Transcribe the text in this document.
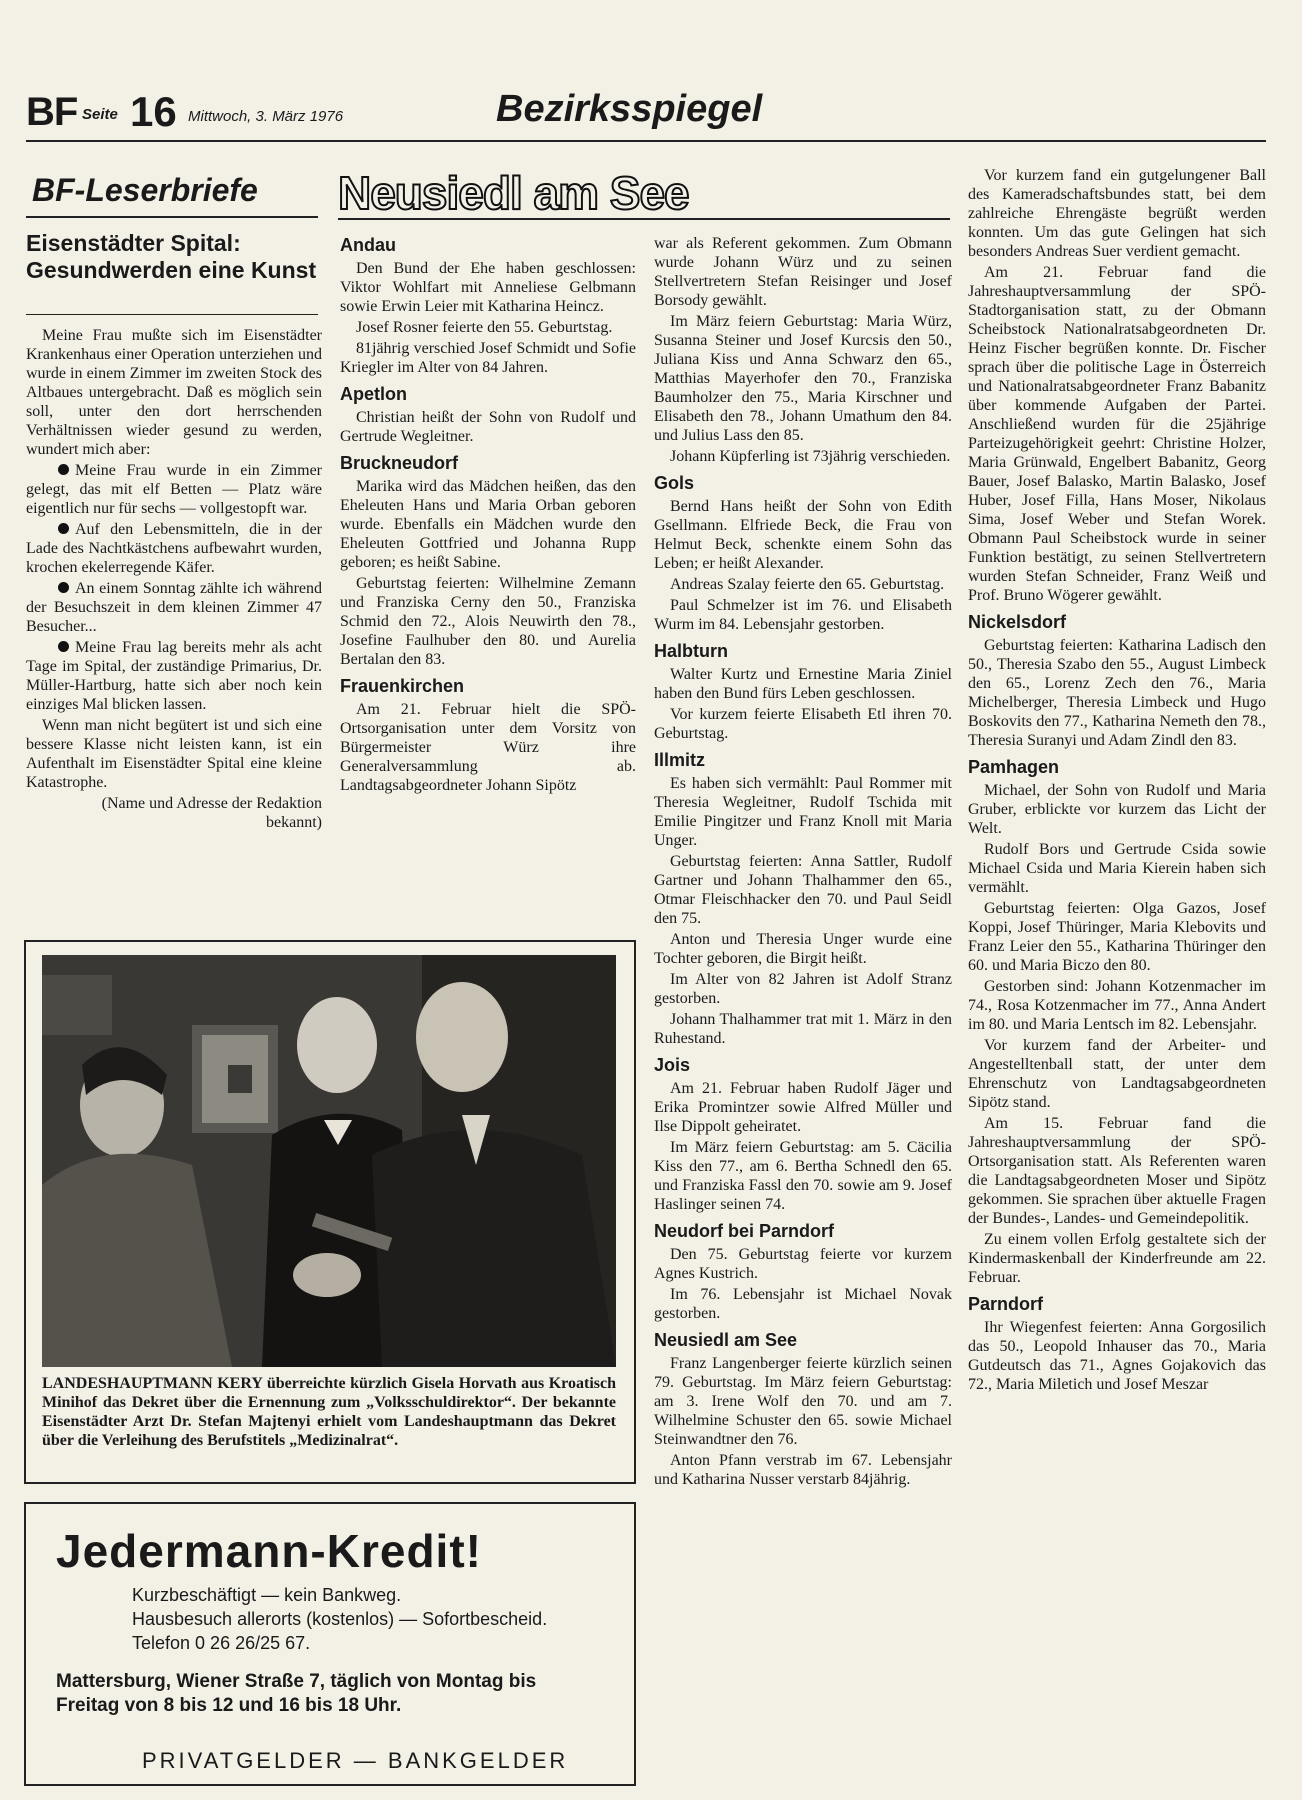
BF Seite 16 Mittwoch, 3. März 1976	Bezirksspiegel
BF-Leserbriefe
Eisenstädter Spital: Gesundwerden eine Kunst

Meine Frau mußte sich im Eisenstädter Krankenhaus einer Operation unterziehen und wurde in einem Zimmer im zweiten Stock des Altbaues untergebracht. Daß es möglich sein soll, unter den dort herrschenden Verhältnissen wieder gesund zu werden, wundert mich aber:

Meine Frau wurde in ein Zimmer gelegt, das mit elf Betten — Platz wäre eigentlich nur für sechs — vollgestopft war.

Auf den Lebensmitteln, die in der Lade des Nachtkästchens aufbewahrt wurden, krochen ekelerregende Käfer.

An einem Sonntag zählte ich während der Besuchszeit in dem kleinen Zimmer 47 Besucher...

Meine Frau lag bereits mehr als acht Tage im Spital, der zuständige Primarius, Dr. Müller-Hartburg, hatte sich aber noch kein einziges Mal blicken lassen.

Wenn man nicht begütert ist und sich eine bessere Klasse nicht leisten kann, ist ein Aufenthalt im Eisenstädter Spital eine kleine Katastrophe.

(Name und Adresse der Redaktion bekannt)

Neusiedl am See
Andau

Den Bund der Ehe haben geschlossen: Viktor Wohlfart mit Anneliese Gelbmann sowie Erwin Leier mit Katharina Heincz.

Josef Rosner feierte den 55. Geburtstag.

81jährig verschied Josef Schmidt und Sofie Kriegler im Alter von 84 Jahren.

Apetlon

Christian heißt der Sohn von Rudolf und Gertrude Wegleitner.

Bruckneudorf

Marika wird das Mädchen heißen, das den Eheleuten Hans und Maria Orban geboren wurde. Ebenfalls ein Mädchen wurde den Eheleuten Gottfried und Johanna Rupp geboren; es heißt Sabine.

Geburtstag feierten: Wilhelmine Zemann und Franziska Cerny den 50., Franziska Schmid den 72., Alois Neuwirth den 78., Josefine Faulhuber den 80. und Aurelia Bertalan den 83.

Frauenkirchen

Am 21. Februar hielt die SPÖ-Ortsorganisation unter dem Vorsitz von Bürgermeister Würz ihre Generalversammlung ab. Landtagsabgeordneter Johann Sipötz

war als Referent gekommen. Zum Obmann wurde Johann Würz und zu seinen Stellvertretern Stefan Reisinger und Josef Borsody gewählt.

Im März feiern Geburtstag: Maria Würz, Susanna Steiner und Josef Kurcsis den 50., Juliana Kiss und Anna Schwarz den 65., Matthias Mayerhofer den 70., Franziska Baumholzer den 75., Maria Kirschner und Elisabeth den 78., Johann Umathum den 84. und Julius Lass den 85.

Johann Küpferling ist 73jährig verschieden.

Gols

Bernd Hans heißt der Sohn von Edith Gsellmann. Elfriede Beck, die Frau von Helmut Beck, schenkte einem Sohn das Leben; er heißt Alexander.

Andreas Szalay feierte den 65. Geburtstag.

Paul Schmelzer ist im 76. und Elisabeth Wurm im 84. Lebensjahr gestorben.

Halbturn

Walter Kurtz und Ernestine Maria Ziniel haben den Bund fürs Leben geschlossen.

Vor kurzem feierte Elisabeth Etl ihren 70. Geburtstag.

Illmitz

Es haben sich vermählt: Paul Rommer mit Theresia Wegleitner, Rudolf Tschida mit Emilie Pingitzer und Franz Knoll mit Maria Unger.

Geburtstag feierten: Anna Sattler, Rudolf Gartner und Johann Thalhammer den 65., Otmar Fleischhacker den 70. und Paul Seidl den 75.

Anton und Theresia Unger wurde eine Tochter geboren, die Birgit heißt.

Im Alter von 82 Jahren ist Adolf Stranz gestorben.

Johann Thalhammer trat mit 1. März in den Ruhestand.

Jois

Am 21. Februar haben Rudolf Jäger und Erika Promintzer sowie Alfred Müller und Ilse Dippolt geheiratet.

Im März feiern Geburtstag: am 5. Cäcilia Kiss den 77., am 6. Bertha Schnedl den 65. und Franziska Fassl den 70. sowie am 9. Josef Haslinger seinen 74.

Neudorf bei Parndorf

Den 75. Geburtstag feierte vor kurzem Agnes Kustrich.

Im 76. Lebensjahr ist Michael Novak gestorben.

Neusiedl am See

Franz Langenberger feierte kürzlich seinen 79. Geburtstag. Im März feiern Geburtstag: am 3. Irene Wolf den 70. und am 7. Wilhelmine Schuster den 65. sowie Michael Steinwandtner den 76.

Anton Pfann verstrab im 67. Lebensjahr und Katharina Nusser verstarb 84jährig.

Vor kurzem fand ein gutgelungener Ball des Kameradschaftsbundes statt, bei dem zahlreiche Ehrengäste begrüßt werden konnten. Um das gute Gelingen hat sich besonders Andreas Suer verdient gemacht.

Am 21. Februar fand die Jahreshauptversammlung der SPÖ-Stadtorganisation statt, zu der Obmann Scheibstock Nationalratsabgeordneten Dr. Heinz Fischer begrüßen konnte. Dr. Fischer sprach über die politische Lage in Österreich und Nationalratsabgeordneter Franz Babanitz über kommende Aufgaben der Partei. Anschließend wurden für die 25jährige Parteizugehörigkeit geehrt: Christine Holzer, Maria Grünwald, Engelbert Babanitz, Georg Bauer, Josef Balasko, Martin Balasko, Josef Huber, Josef Filla, Hans Moser, Nikolaus Sima, Josef Weber und Stefan Worek. Obmann Paul Scheibstock wurde in seiner Funktion bestätigt, zu seinen Stellvertretern wurden Stefan Schneider, Franz Weiß und Prof. Bruno Wögerer gewählt.

Nickelsdorf

Geburtstag feierten: Katharina Ladisch den 50., Theresia Szabo den 55., August Limbeck den 65., Lorenz Zech den 76., Maria Michelberger, Theresia Limbeck und Hugo Boskovits den 77., Katharina Nemeth den 78., Theresia Suranyi und Adam Zindl den 83.

Pamhagen

Michael, der Sohn von Rudolf und Maria Gruber, erblickte vor kurzem das Licht der Welt.

Rudolf Bors und Gertrude Csida sowie Michael Csida und Maria Kierein haben sich vermählt.

Geburtstag feierten: Olga Gazos, Josef Koppi, Josef Thüringer, Maria Klebovits und Franz Leier den 55., Katharina Thüringer den 60. und Maria Biczo den 80.

Gestorben sind: Johann Kotzenmacher im 74., Rosa Kotzenmacher im 77., Anna Andert im 80. und Maria Lentsch im 82. Lebensjahr.

Vor kurzem fand der Arbeiter- und Angestelltenball statt, der unter dem Ehrenschutz von Landtagsabgeordneten Sipötz stand.

Am 15. Februar fand die Jahreshauptversammlung der SPÖ-Ortsorganisation statt. Als Referenten waren die Landtagsabgeordneten Moser und Sipötz gekommen. Sie sprachen über aktuelle Fragen der Bundes-, Landes- und Gemeindepolitik.

Zu einem vollen Erfolg gestaltete sich der Kindermaskenball der Kinderfreunde am 22. Februar.

Parndorf

Ihr Wiegenfest feierten: Anna Gorgosilich das 50., Leopold Inhauser das 70., Maria Gutdeutsch das 71., Agnes Gojakovich das 72., Maria Miletich und Josef Meszar

LANDESHAUPTMANN KERY überreichte kürzlich Gisela Horvath aus Kroatisch Minihof das Dekret über die Ernennung zum „Volksschuldirektor“. Der bekannte Eisenstädter Arzt Dr. Stefan Majtenyi erhielt vom Landeshauptmann das Dekret über die Verleihung des Berufstitels „Medizinalrat“.
Jedermann-Kredit!
Kurzbeschäftigt — kein Bankweg.
Hausbesuch allerorts (kostenlos) — Sofortbescheid.
Telefon 0 26 26/25 67.
Mattersburg, Wiener Straße 7, täglich von Montag bis
Freitag von 8 bis 12 und 16 bis 18 Uhr.
PRIVATGELDER — BANKGELDER
